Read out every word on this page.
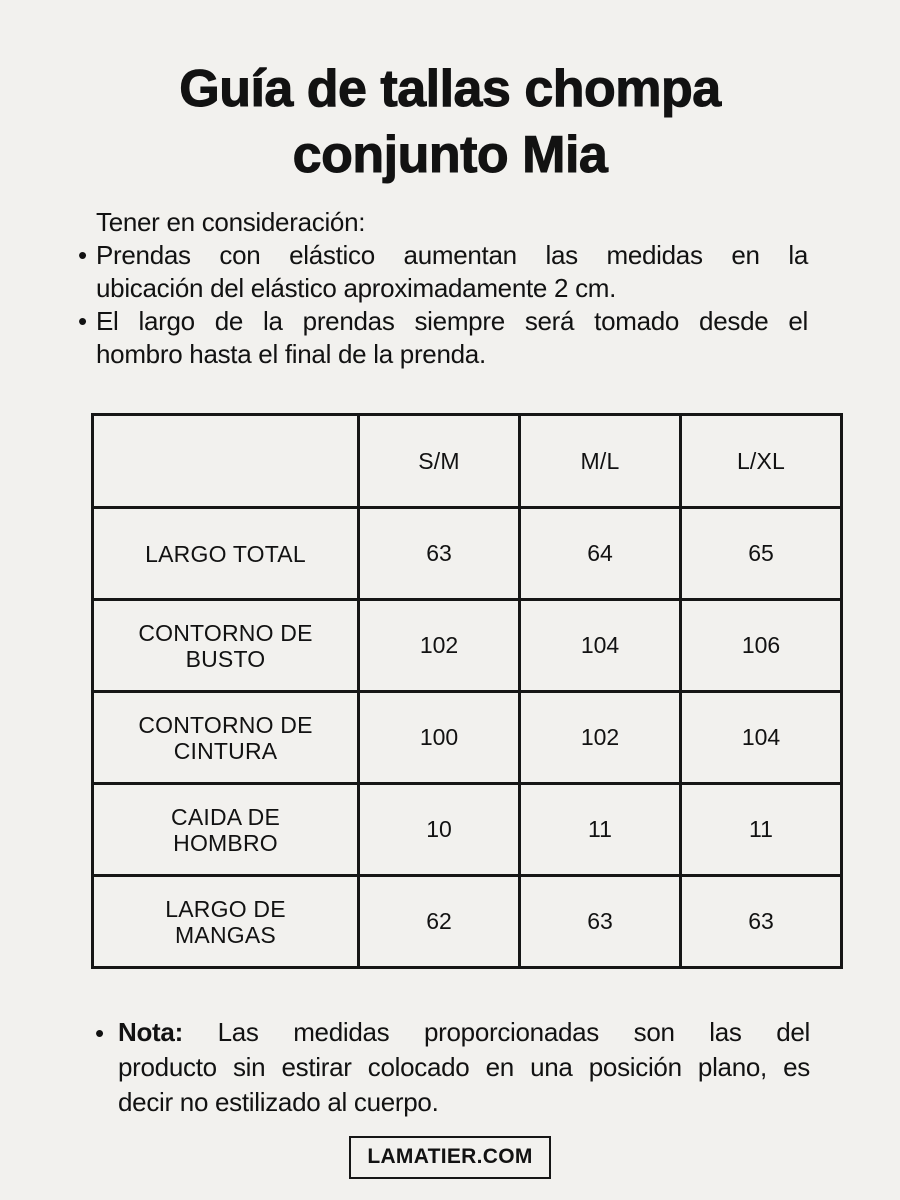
Guía de tallas chompa
conjunto Mia
Tener en consideración:
• Prendas con elástico aumentan las medidas en la
ubicación del elástico aproximadamente 2 cm.
• El largo de la prendas siempre será tomado desde el
hombro hasta el final de la prenda.
	S/M	M/L	L/XL
LARGO TOTAL	63	64	65
CONTORNO DE BUSTO	102	104	106
CONTORNO DE CINTURA	100	102	104
CAIDA DE HOMBRO	10	11	11
LARGO DE MANGAS	62	63	63
• Nota: Las medidas proporcionadas son las del
producto sin estirar colocado en una posición plano, es
decir no estilizado al cuerpo.
LAMATIER.COM
